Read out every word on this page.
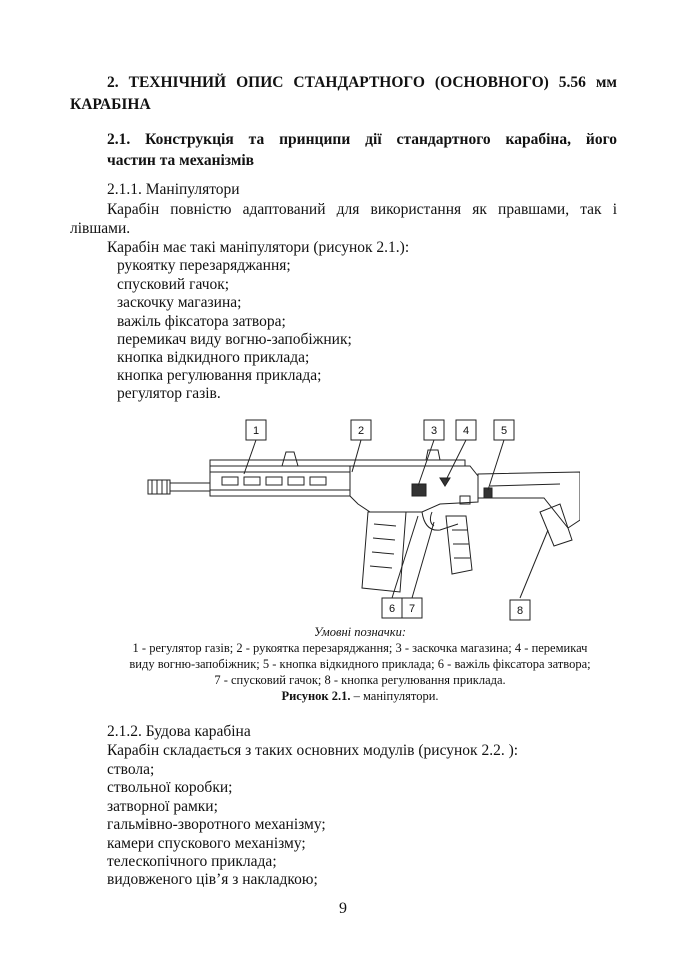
2. ТЕХНІЧНИЙ ОПИС СТАНДАРТНОГО (ОСНОВНОГО) 5.56 мм
КАРАБІНА
2.1. Конструкція та принципи дії стандартного карабіна, його
частин та механізмів
2.1.1. Маніпулятори
Карабін повністю адаптований для використання як правшами, так і
лівшами.
Карабін має такі маніпулятори (рисунок 2.1.):
рукоятку перезаряджання;
спусковий гачок;
заскочку магазина;
важіль фіксатора затвора;
перемикач виду вогню-запобіжник;
кнопка відкидного приклада;
кнопка регулювання приклада;
регулятор газів.
1	2	3 4	5
6 7	8
Умовні позначки:
1 - регулятор газів; 2 - рукоятка перезаряджання; 3 - заскочка магазина; 4 - перемикач
виду вогню-запобіжник; 5 - кнопка відкидного приклада; 6 - важіль фіксатора затвора;
7 - спусковий гачок; 8 - кнопка регулювання приклада.
Рисунок 2.1. – маніпулятори.
2.1.2. Будова карабіна
Карабін складається з таких основних модулів (рисунок 2.2. ):
ствола;
ствольної коробки;
затворної рамки;
гальмівно-зворотного механізму;
камери спускового механізму;
телескопічного приклада;
видовженого цівʼя з накладкою;
9
